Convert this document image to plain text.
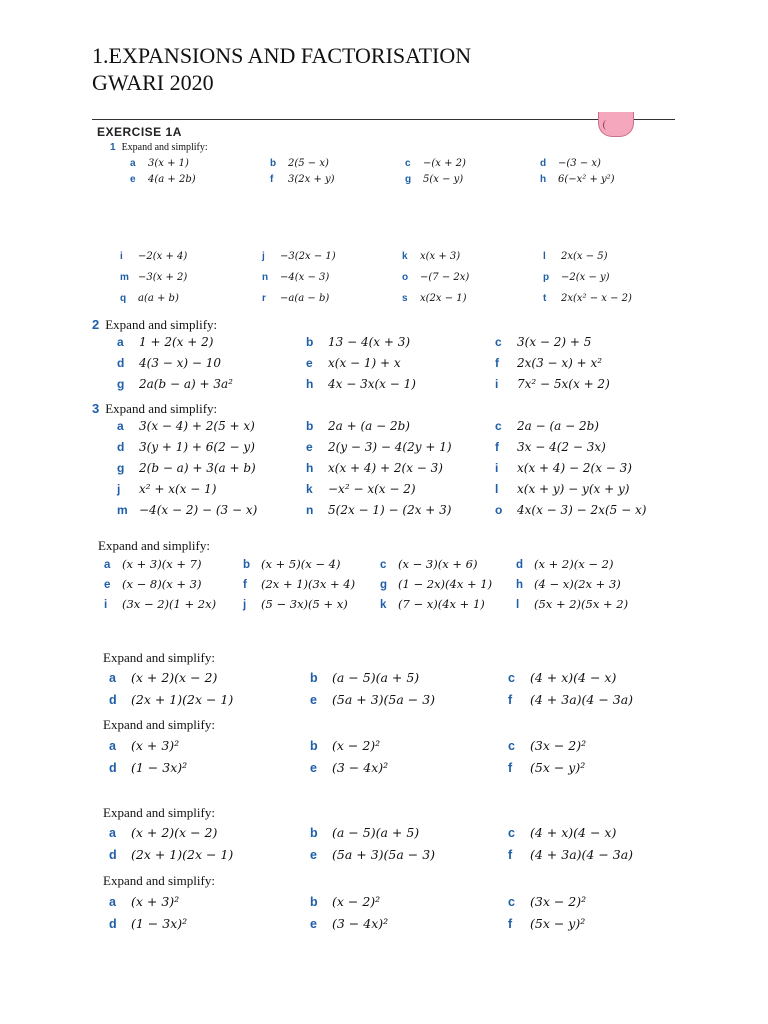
1.EXPANSIONS AND FACTORISATION
GWARI 2020
EXERCISE 1A
1 Expand and simplify:
a 3(x + 1)	b 2(5 − x)	c −(x + 2)	d −(3 − x)
e 4(a + 2b)	f 3(2x + y)	g 5(x − y)	h 6(−x² + y²)
i −2(x + 4)	j −3(2x − 1)	k x(x + 3)	l 2x(x − 5)
m −3(x + 2)	n −4(x − 3)	o −(7 − 2x)	p −2(x − y)
q a(a + b)	r −a(a − b)	s x(2x − 1)	t 2x(x² − x − 2)
2 Expand and simplify:
a 1 + 2(x + 2)	b 13 − 4(x + 3)	c 3(x − 2) + 5
d 4(3 − x) − 10	e x(x − 1) + x	f 2x(3 − x) + x²
g 2a(b − a) + 3a²	h 4x − 3x(x − 1)	i 7x² − 5x(x + 2)
3 Expand and simplify:
a 3(x − 4) + 2(5 + x)	b 2a + (a − 2b)	c 2a − (a − 2b)
d 3(y + 1) + 6(2 − y)	e 2(y − 3) − 4(2y + 1)	f 3x − 4(2 − 3x)
g 2(b − a) + 3(a + b)	h x(x + 4) + 2(x − 3)	i x(x + 4) − 2(x − 3)
j x² + x(x − 1)	k −x² − x(x − 2)	l x(x + y) − y(x + y)
m −4(x − 2) − (3 − x)	n 5(2x − 1) − (2x + 3)	o 4x(x − 3) − 2x(5 − x)
Expand and simplify:
a (x + 3)(x + 7)	b (x + 5)(x − 4)	c (x − 3)(x + 6)	d (x + 2)(x − 2)
e (x − 8)(x + 3)	f (2x + 1)(3x + 4) g (1 − 2x)(4x + 1) h (4 − x)(2x + 3)
i (3x − 2)(1 + 2x) j (5 − 3x)(5 + x)	k (7 − x)(4x + 1)	l (5x + 2)(5x + 2)
Expand and simplify:
a (x + 2)(x − 2)	b (a − 5)(a + 5)	c (4 + x)(4 − x)
d (2x + 1)(2x − 1)	e (5a + 3)(5a − 3)	f (4 + 3a)(4 − 3a)
Expand and simplify:
a (x + 3)²	b (x − 2)²	c (3x − 2)²
d (1 − 3x)²	e (3 − 4x)²	f (5x − y)²
Expand and simplify:
a (x + 2)(x − 2)	b (a − 5)(a + 5)	c (4 + x)(4 − x)
d (2x + 1)(2x − 1)	e (5a + 3)(5a − 3)	f (4 + 3a)(4 − 3a)
Expand and simplify:
a (x + 3)²	b (x − 2)²	c (3x − 2)²
d (1 − 3x)²	e (3 − 4x)²	f (5x − y)²
